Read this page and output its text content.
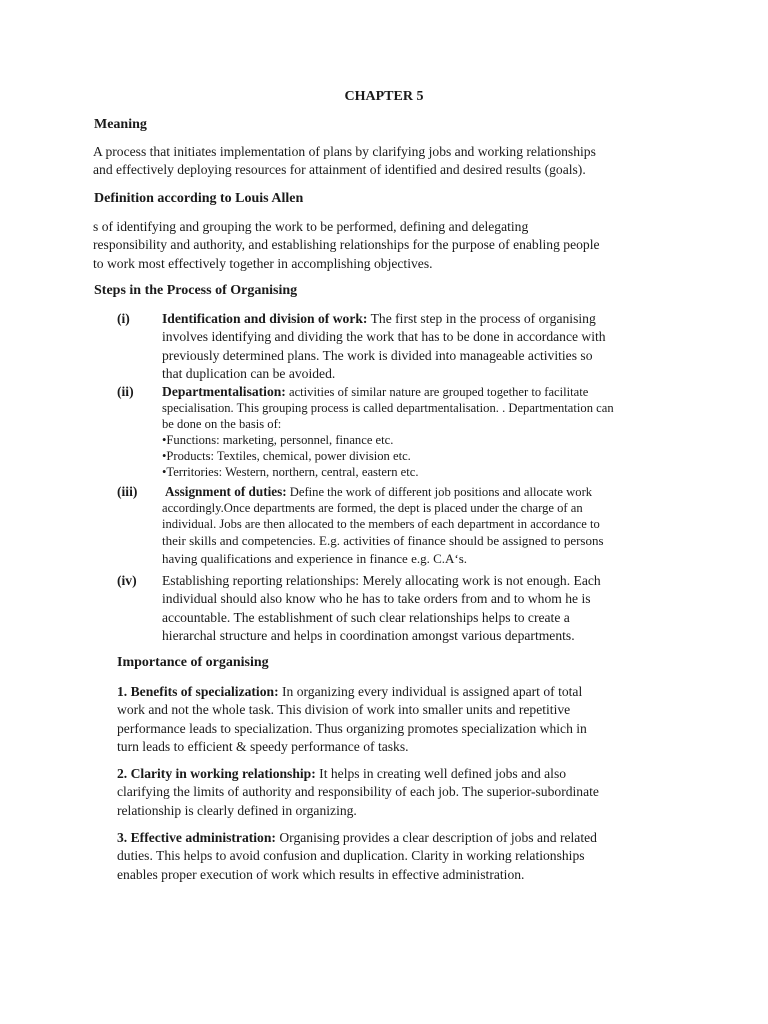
CHAPTER 5
Meaning
A process that initiates implementation of plans by clarifying jobs and working relationships
and effectively deploying resources for attainment of identified and desired results (goals).
Definition according to Louis Allen
s of identifying and grouping the work to be performed, defining and delegating
responsibility and authority, and establishing relationships for the purpose of enabling people
to work most effectively together in accomplishing objectives.
Steps in the Process of Organising
(i) Identification and division of work: The first step in the process of organising
involves identifying and dividing the work that has to be done in accordance with
previously determined plans. The work is divided into manageable activities so
that duplication can be avoided.
(ii) Departmentalisation: activities of similar nature are grouped together to facilitate
specialisation. This grouping process is called departmentalisation. . Departmentation can
be done on the basis of:
•Functions: marketing, personnel, finance etc.
•Products: Textiles, chemical, power division etc.
•Territories: Western, northern, central, eastern etc.
(iii) Assignment of duties: Define the work of different job positions and allocate work
accordingly.Once departments are formed, the dept is placed under the charge of an
individual. Jobs are then allocated to the members of each department in accordance to
their skills and competencies. E.g. activities of finance should be assigned to persons
having qualifications and experience in finance e.g. C.A‘s.
(iv) Establishing reporting relationships: Merely allocating work is not enough. Each
individual should also know who he has to take orders from and to whom he is
accountable. The establishment of such clear relationships helps to create a
hierarchal structure and helps in coordination amongst various departments.
Importance of organising
1. Benefits of specialization: In organizing every individual is assigned apart of total
work and not the whole task. This division of work into smaller units and repetitive
performance leads to specialization. Thus organizing promotes specialization which in
turn leads to efficient & speedy performance of tasks.
2. Clarity in working relationship: It helps in creating well defined jobs and also
clarifying the limits of authority and responsibility of each job. The superior-subordinate
relationship is clearly defined in organizing.
3. Effective administration: Organising provides a clear description of jobs and related
duties. This helps to avoid confusion and duplication. Clarity in working relationships
enables proper execution of work which results in effective administration.
